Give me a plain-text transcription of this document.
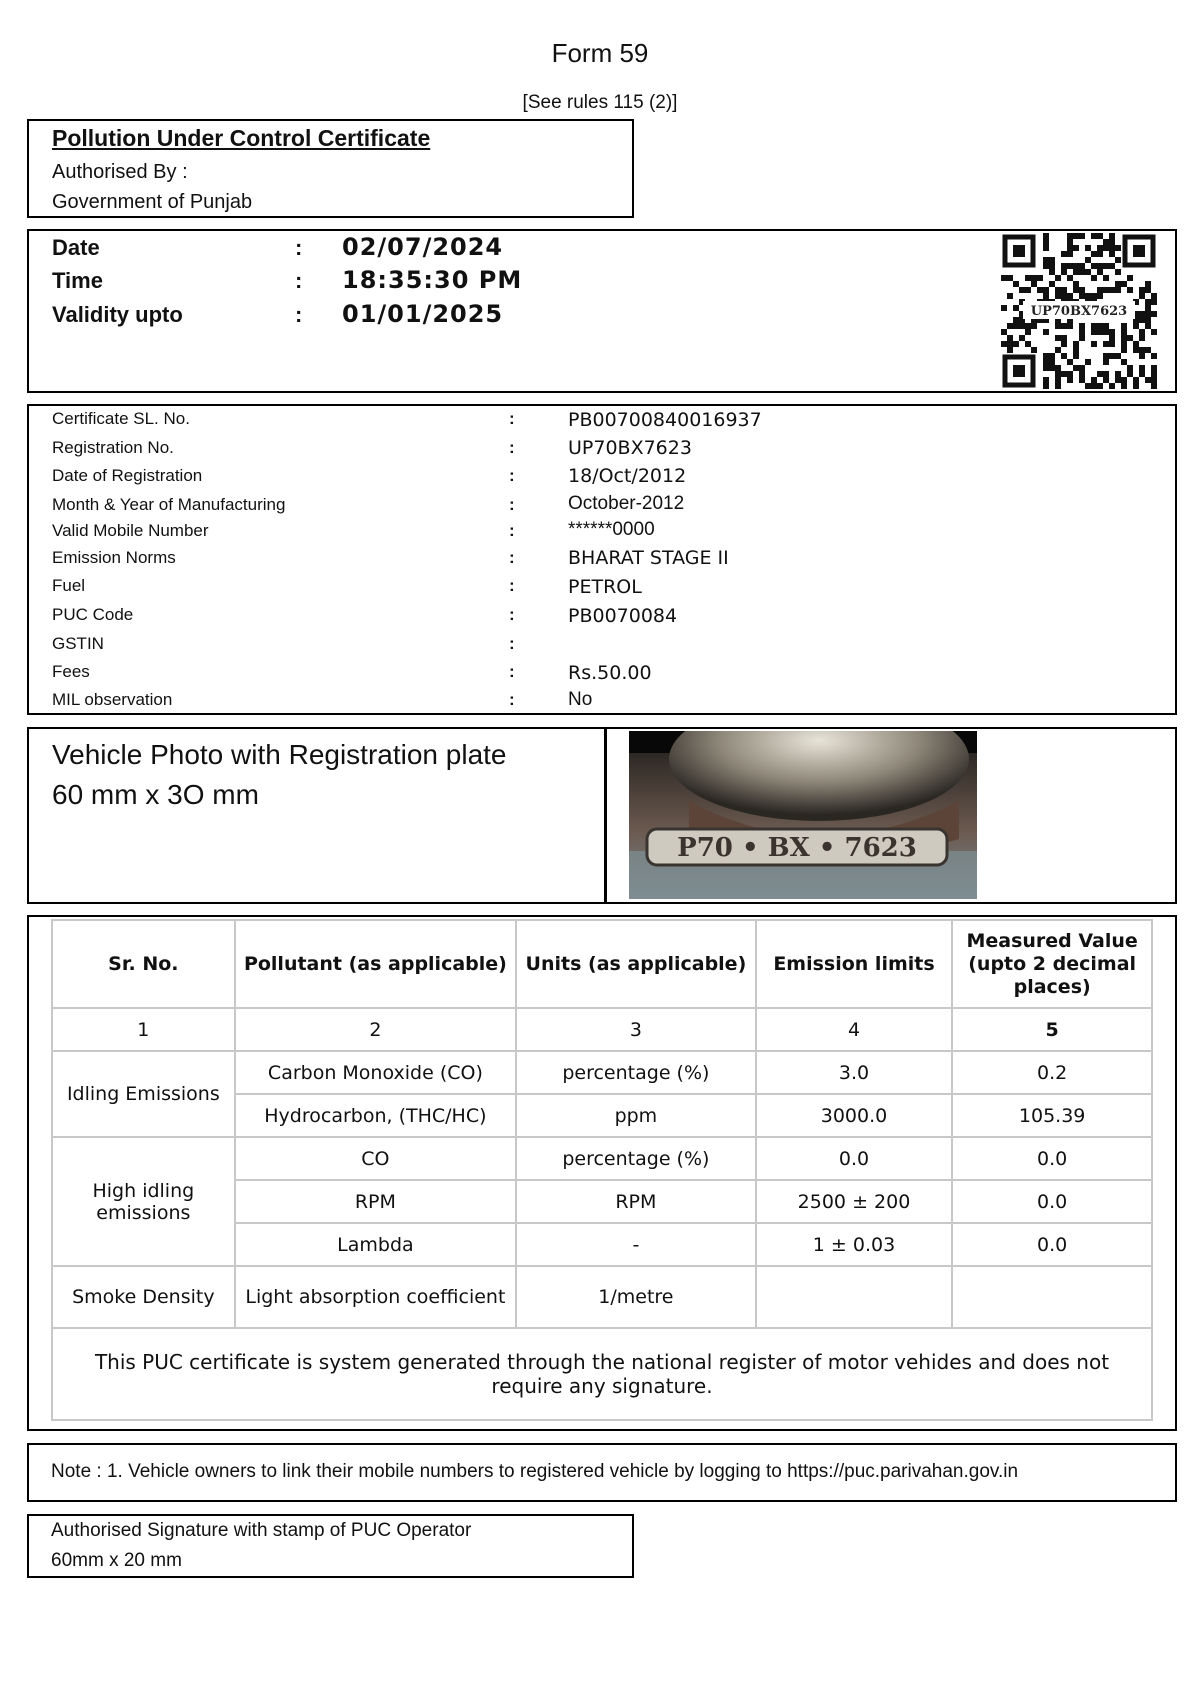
Form 59
[See rules 115 (2)]
Pollution Under Control Certificate
Authorised By :
Government of Punjab
Date	: 02/07/2024
Time	: 18:35:30 PM
Validity upto	: 01/01/2025	UP70BX7623
Certificate SL. No.	:	PB00700840016937
Registration No.	:	UP70BX7623
Date of Registration	:	18/Oct/2012
Month & Year of Manufacturing	:	October-2012
Valid Mobile Number	:	******0000
Emission Norms	:	BHARAT STAGE II
Fuel	:	PETROL
PUC Code	:	PB0070084
GSTIN	:
Fees	:	Rs.50.00
MIL observation	:	No
Vehicle Photo with Registration plate
60 mm x 3O mm
P70 • BX • 7623
Sr. No.	Pollutant (as applicable)	Units (as applicable)	Emission limits	Measured Value (upto 2 decimal places)
1	2	3	4	5
Idling Emissions	Carbon Monoxide (CO)	percentage (%)	3.0	0.2
	Hydrocarbon, (THC/HC)	ppm	3000.0	105.39
High idling emissions	CO	percentage (%)	0.0	0.0
	RPM	RPM	2500 ± 200	0.0
	Lambda	-	1 ± 0.03	0.0
Smoke Density	Light absorption coefficient	1/metre		
This PUC certificate is system generated through the national register of motor vehides and does not require any signature.				
Note : 1. Vehicle owners to link their mobile numbers to registered vehicle by logging to https://puc.parivahan.gov.in
Authorised Signature with stamp of PUC Operator
60mm x 20 mm
